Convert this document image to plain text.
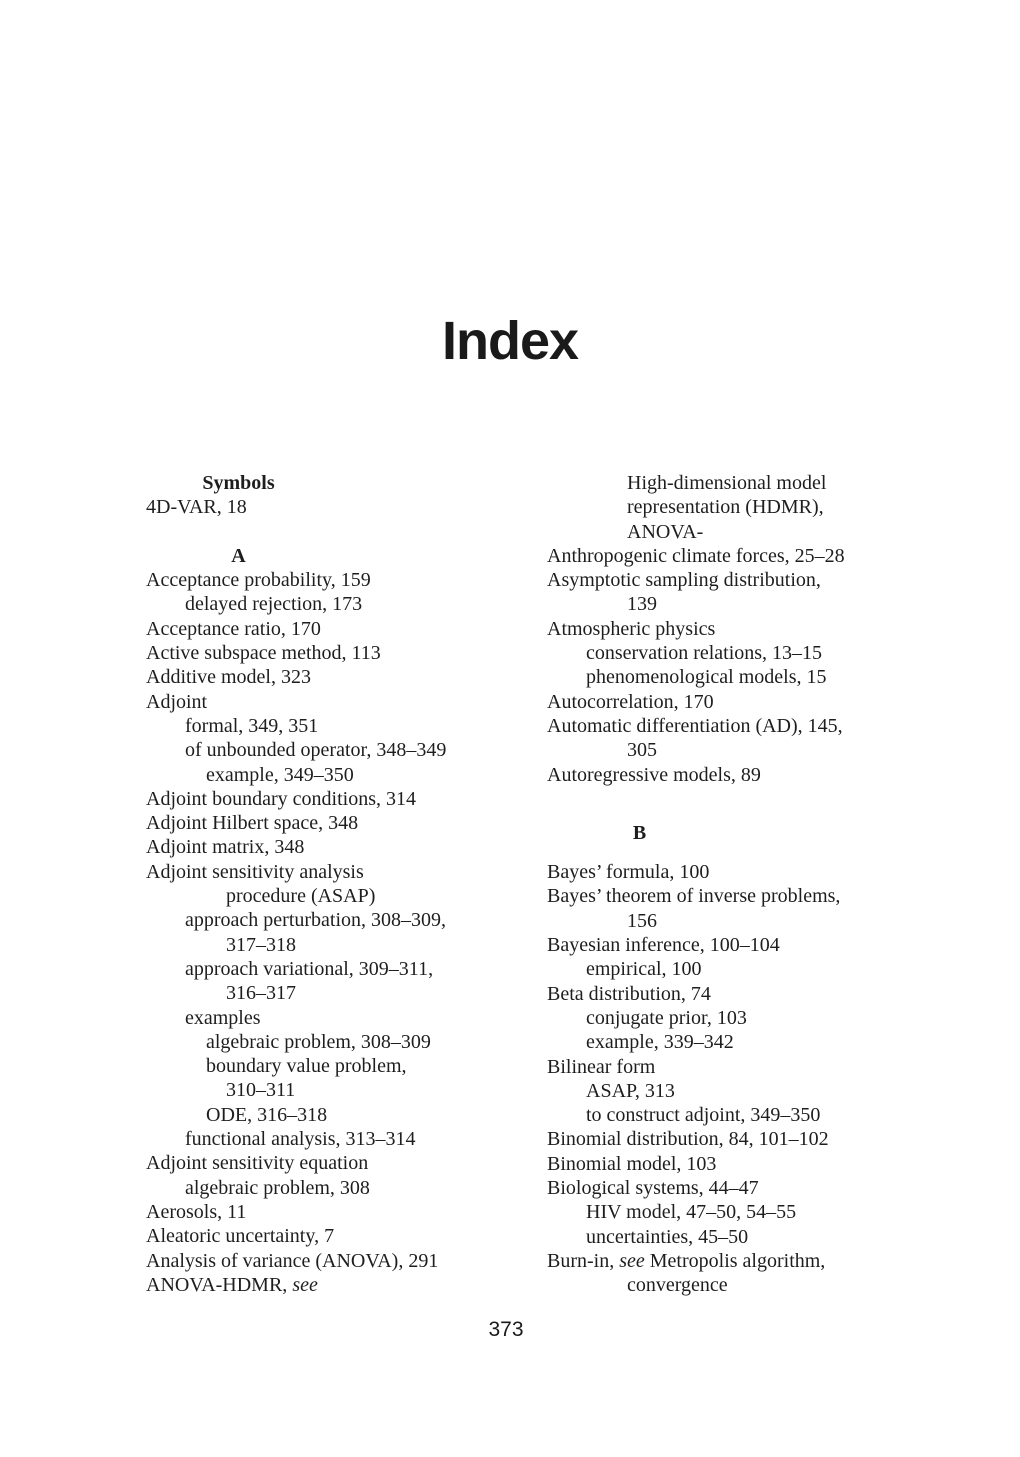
Index
Symbols
4D-VAR, 18
A
Acceptance probability, 159
delayed rejection, 173
Acceptance ratio, 170
Active subspace method, 113
Additive model, 323
Adjoint
formal, 349, 351
of unbounded operator, 348–349
example, 349–350
Adjoint boundary conditions, 314
Adjoint Hilbert space, 348
Adjoint matrix, 348
Adjoint sensitivity analysis
procedure (ASAP)
approach perturbation, 308–309,
317–318
approach variational, 309–311,
316–317
examples
algebraic problem, 308–309
boundary value problem,
310–311
ODE, 316–318
functional analysis, 313–314
Adjoint sensitivity equation
algebraic problem, 308
Aerosols, 11
Aleatoric uncertainty, 7
Analysis of variance (ANOVA), 291
ANOVA-HDMR, see
High-dimensional model
representation (HDMR),
ANOVA-
Anthropogenic climate forces, 25–28
Asymptotic sampling distribution,
139
Atmospheric physics
conservation relations, 13–15
phenomenological models, 15
Autocorrelation, 170
Automatic differentiation (AD), 145,
305
Autoregressive models, 89
B
Bayes’ formula, 100
Bayes’ theorem of inverse problems,
156
Bayesian inference, 100–104
empirical, 100
Beta distribution, 74
conjugate prior, 103
example, 339–342
Bilinear form
ASAP, 313
to construct adjoint, 349–350
Binomial distribution, 84, 101–102
Binomial model, 103
Biological systems, 44–47
HIV model, 47–50, 54–55
uncertainties, 45–50
Burn-in, see Metropolis algorithm,
convergence
373
